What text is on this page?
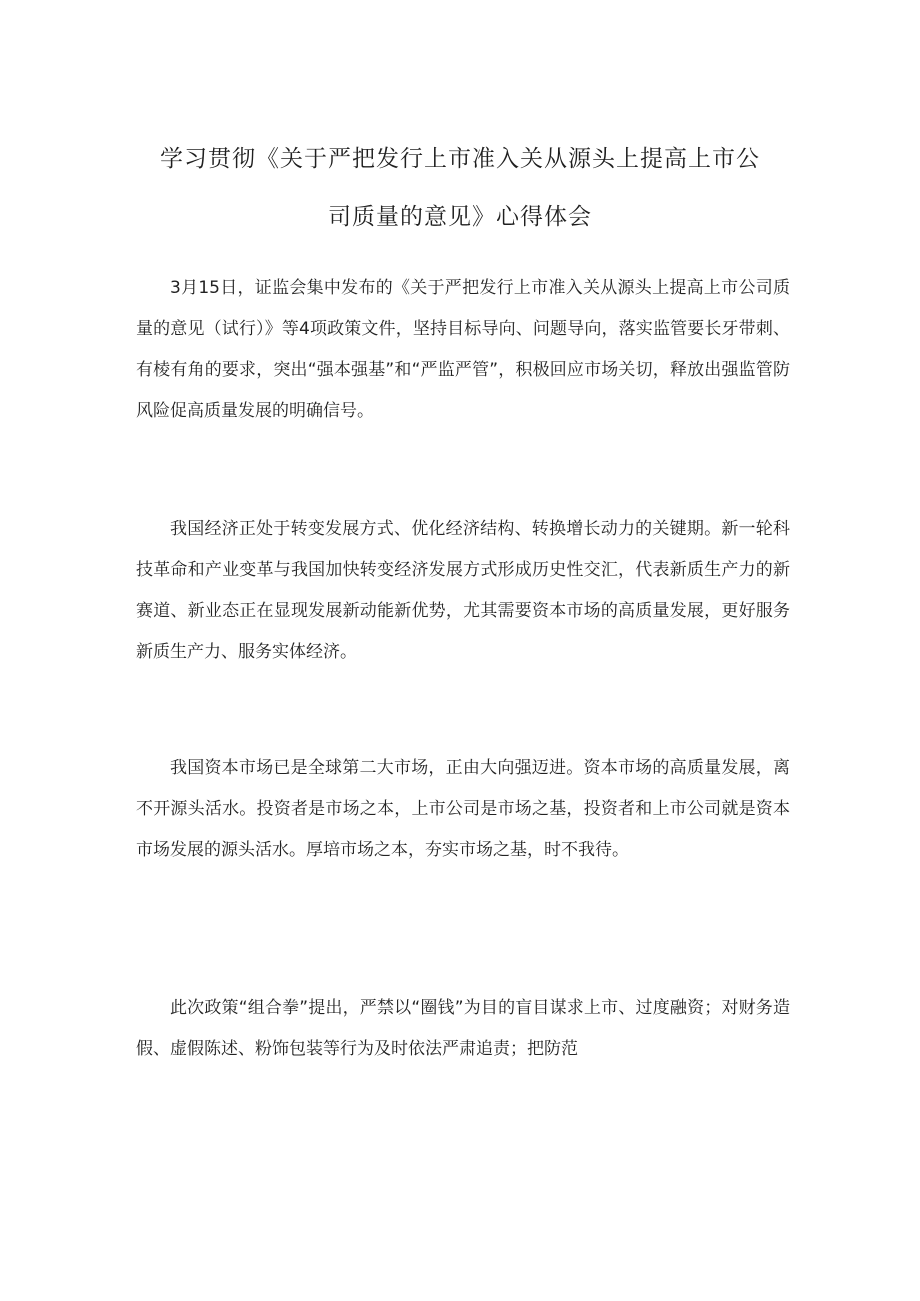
学习贯彻《关于严把发行上市准入关从源头上提高上市公
司质量的意见》心得体会

3月15日，证监会集中发布的《关于严把发行上市准入关从源头上提高上市公司质量的意见（试行）》等4项政策文件，坚持目标导向、问题导向，落实监管要长牙带刺、有棱有角的要求，突出“强本强基”和“严监严管”，积极回应市场关切，释放出强监管防风险促高质量发展的明确信号。

我国经济正处于转变发展方式、优化经济结构、转换增长动力的关键期。新一轮科技革命和产业变革与我国加快转变经济发展方式形成历史性交汇，代表新质生产力的新赛道、新业态正在显现发展新动能新优势，尤其需要资本市场的高质量发展，更好服务新质生产力、服务实体经济。

我国资本市场已是全球第二大市场，正由大向强迈进。资本市场的高质量发展，离不开源头活水。投资者是市场之本，上市公司是市场之基，投资者和上市公司就是资本市场发展的源头活水。厚培市场之本，夯实市场之基，时不我待。

此次政策“组合拳”提出，严禁以“圈钱”为目的盲目谋求上市、过度融资；对财务造假、虚假陈述、粉饰包装等行为及时依法严肃追责；把防范
